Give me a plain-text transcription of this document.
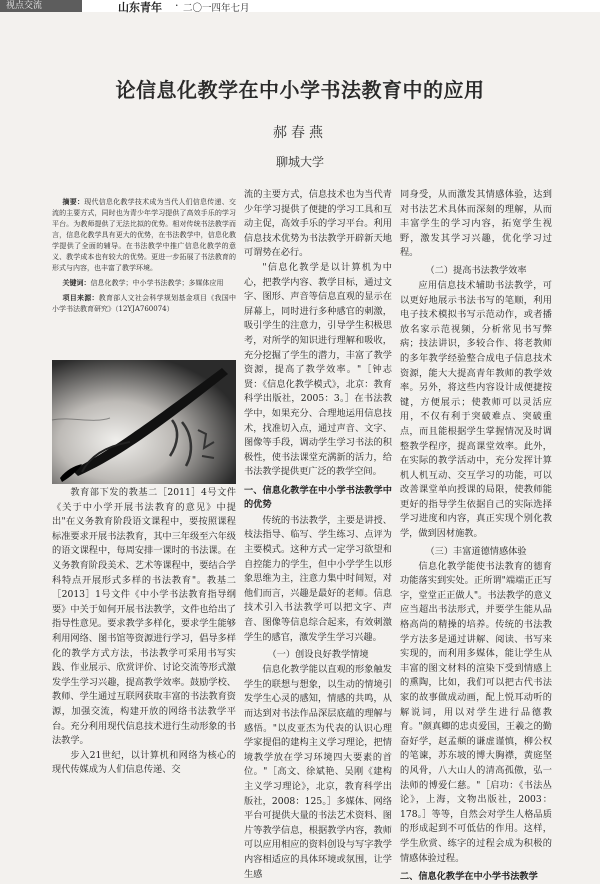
视点交流	山东青年 · 二〇一四年七月
论信息化教学在中小学书法教育中的应用
郝春燕
聊城大学

摘要：现代信息化教学技术成为当代人们信息传递、交流的主要方式，同时也为青少年学习提供了高效手乐的学习平台。为教师提供了无法比拟的优势。相对传统书法教学而言，信息化教学具有更大的优势，在书法教学中，信息化教学提供了全面的辅导。在书法教学中推广信息化教学的意义、教学成本也有较大的优势。更进一步拓展了书法教育的形式与内容，也丰富了教学环境。

关键词：信息化教学；中小学书法教学；多媒体应用

项目来源：教育部人文社会科学规划基金项目《我国中小学书法教育研究》（12YJA760074）

教育部下发的教基二［2011］4号文件《关于中小学开展书法教育的意见》中提出"在义务教育阶段语文课程中，要按照课程标准要求开展书法教育，其中三年级至六年级的语文课程中，每周安排一课时的书法课。在义务教育阶段美术、艺术等课程中，要结合学科特点开展形式多样的书法教育"。教基二［2013］1号文件《中小学书法教育指导纲要》中关于如何开展书法教学，文件也给出了指导性意见。要求教学多样化，要求学生能够利用网络、图书馆等资源进行学习，倡导多样化的教学方式方法，书法教学可采用书写实践、作业展示、欣赏评价、讨论交流等形式激发学生学习兴趣，提高教学效率。鼓励学校、教师、学生通过互联网获取丰富的书法教育资源，加强交流，构建开放的网络书法教学平台。充分利用现代信息技术进行生动形象的书法教学。

步入21世纪，以计算机和网络为核心的现代传媒成为人们信息传递、交

流的主要方式，信息技术也为当代青少年学习提供了便捷的学习工具和互动主促，高效手乐的学习平台。利用信息技术优势为书法教学开辟新天地可谓势在必行。

"信息化教学是以计算机为中心，把教学内容、教学目标，通过文字、图形、声音等信息直观的显示在屏幕上，同时进行多种感官的刺激，吸引学生的注意力，引导学生积极思考，对所学的知识进行理解和吸收，充分挖掘了学生的潜力，丰富了教学资源，提高了教学效率。"［钟志贤：《信息化教学模式》，北京：教育科学出版社，2005：3。］在书法教学中，如果充分、合理地运用信息技术，找准切入点，通过声音、文字、图像等手段，调动学生学习书法的积极性，使书法课堂充满新的活力，给书法教学提供更广泛的教学空间。

一、信息化教学在中小学书法教学中的优势

传统的书法教学，主要是讲授、枝法指导、临写、学生练习、点评为主要模式。这种方式一定学习欲望和自控能力的学生，但中小学学生以形象思维为主，注意力集中时间短，对他们而言，兴趣是最好的老师。信息技术引入书法教学可以把文字、声音、图像等信息综合起来，有效刺激学生的感官，激发学生学习兴趣。

（一）创设良好教学情境

信息化教学能以直观的形象触发学生的联想与想象，以生动的情境引发学生心灵的感知，情感的共鸣，从而达到对书法作品深层底蕴的理解与感悟。"以皮亚杰为代表的认识心理学家提倡的建构主义学习理论，把情境教学放在学习环境四大要素的首位。"［高文、徐斌艳、吴刚《建构主义学习理论》，北京，教育科学出版社，2008：125。］多媒体、网络平台可提供大量的书法艺术资料、图片等教学信息，根据教学内容，教师可以应用相应的资料创设与写字教学内容相适应的具体环境或氛围，让学生感

同身受，从而激发其情感体验，达到对书法艺术具体而深刻的理解，从而丰富学生的学习内容，拓宽学生视野，激发其学习兴趣，优化学习过程。

（二）提高书法教学效率

应用信息技术辅助书法教学，可以更好地展示书法书写的笔顺，利用电子技术模拟书写示范动作，或者播放名家示范视频，分析常见书写弊病；技法讲识，多较合作、将老教师的多年教学经验整合成电子信息技术资源，能大大提高青年教师的教学效率。另外，将这些内容设计成便捷按键，方便展示；使教师可以灵活应用，不仅有利于突破难点、突破重点，而且能根据学生掌握情况及时调整教学程序，提高课堂效率。此外，在实际的教学活动中，充分发挥计算机人机互动、交互学习的功能，可以改善课堂单向授课的局限，使教师能更好的指导学生依据自己的实际选择学习进度和内容，真正实现个别化教学，做到因材施教。

（三）丰富道德情感体验

信息化教学能使书法教育的德育功能落实到实处。正所谓"端端正正写字，堂堂正正做人"。书法教学的意义应当超出书法形式，并要学生能从品格高尚的精操的培养。传统的书法教学方法多是通过讲解、阅读、书写来实现的，而利用多媒体，能让学生从丰富的图文材料的渲染下受到情感上的熏陶，比如，我们可以把古代书法家的故事做成动画，配上悦耳动听的解说词，用以对学生进行品德教育。"颜真卿的忠贞爱国，王羲之的勤奋好学，赵孟頫的谦虚谨慎，柳公权的笔谏，苏东坡的博大胸襟，黄庭坚的风骨，八大山人的清高孤傲，弘一法师的博爱仁慈。"［启功：《书法丛论》，上海，文物出版社，2003：178。］等等，自然会对学生人格品质的形成起到不可低估的作用。这样，学生欣赏、练字的过程会成为积极的情感体验过程。

二、信息化教学在中小学书法教学
